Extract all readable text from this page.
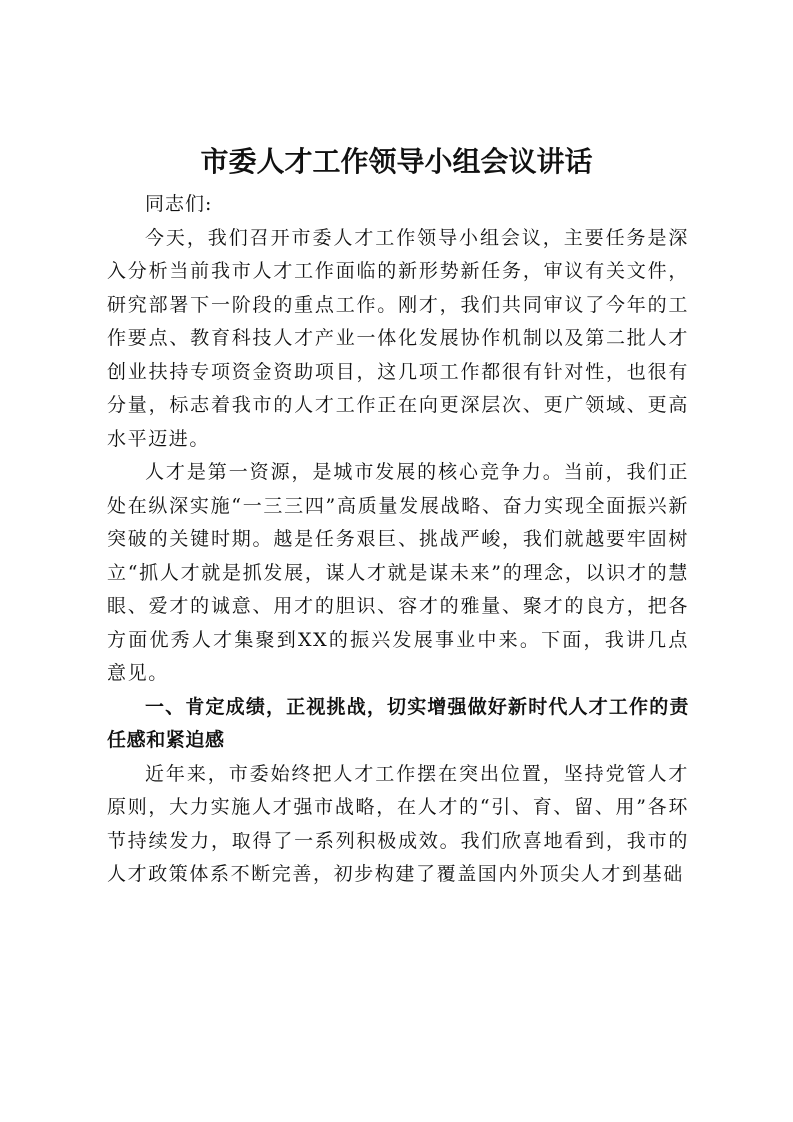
市委人才工作领导小组会议讲话

同志们:

今天，我们召开市委人才工作领导小组会议，主要任务是深入分析当前我市人才工作面临的新形势新任务，审议有关文件，研究部署下一阶段的重点工作。刚才，我们共同审议了今年的工作要点、教育科技人才产业一体化发展协作机制以及第二批人才创业扶持专项资金资助项目，这几项工作都很有针对性，也很有分量，标志着我市的人才工作正在向更深层次、更广领域、更高水平迈进。

人才是第一资源，是城市发展的核心竞争力。当前，我们正处在纵深实施“一三三四”高质量发展战略、奋力实现全面振兴新突破的关键时期。越是任务艰巨、挑战严峻，我们就越要牢固树立“抓人才就是抓发展，谋人才就是谋未来”的理念，以识才的慧眼、爱才的诚意、用才的胆识、容才的雅量、聚才的良方，把各方面优秀人才集聚到XX的振兴发展事业中来。下面，我讲几点意见。

一、肯定成绩，正视挑战，切实增强做好新时代人才工作的责任感和紧迫感

近年来，市委始终把人才工作摆在突出位置，坚持党管人才原则，大力实施人才强市战略，在人才的“引、育、留、用”各环节持续发力，取得了一系列积极成效。我们欣喜地看到，我市的人才政策体系不断完善，初步构建了覆盖国内外顶尖人才到基础
